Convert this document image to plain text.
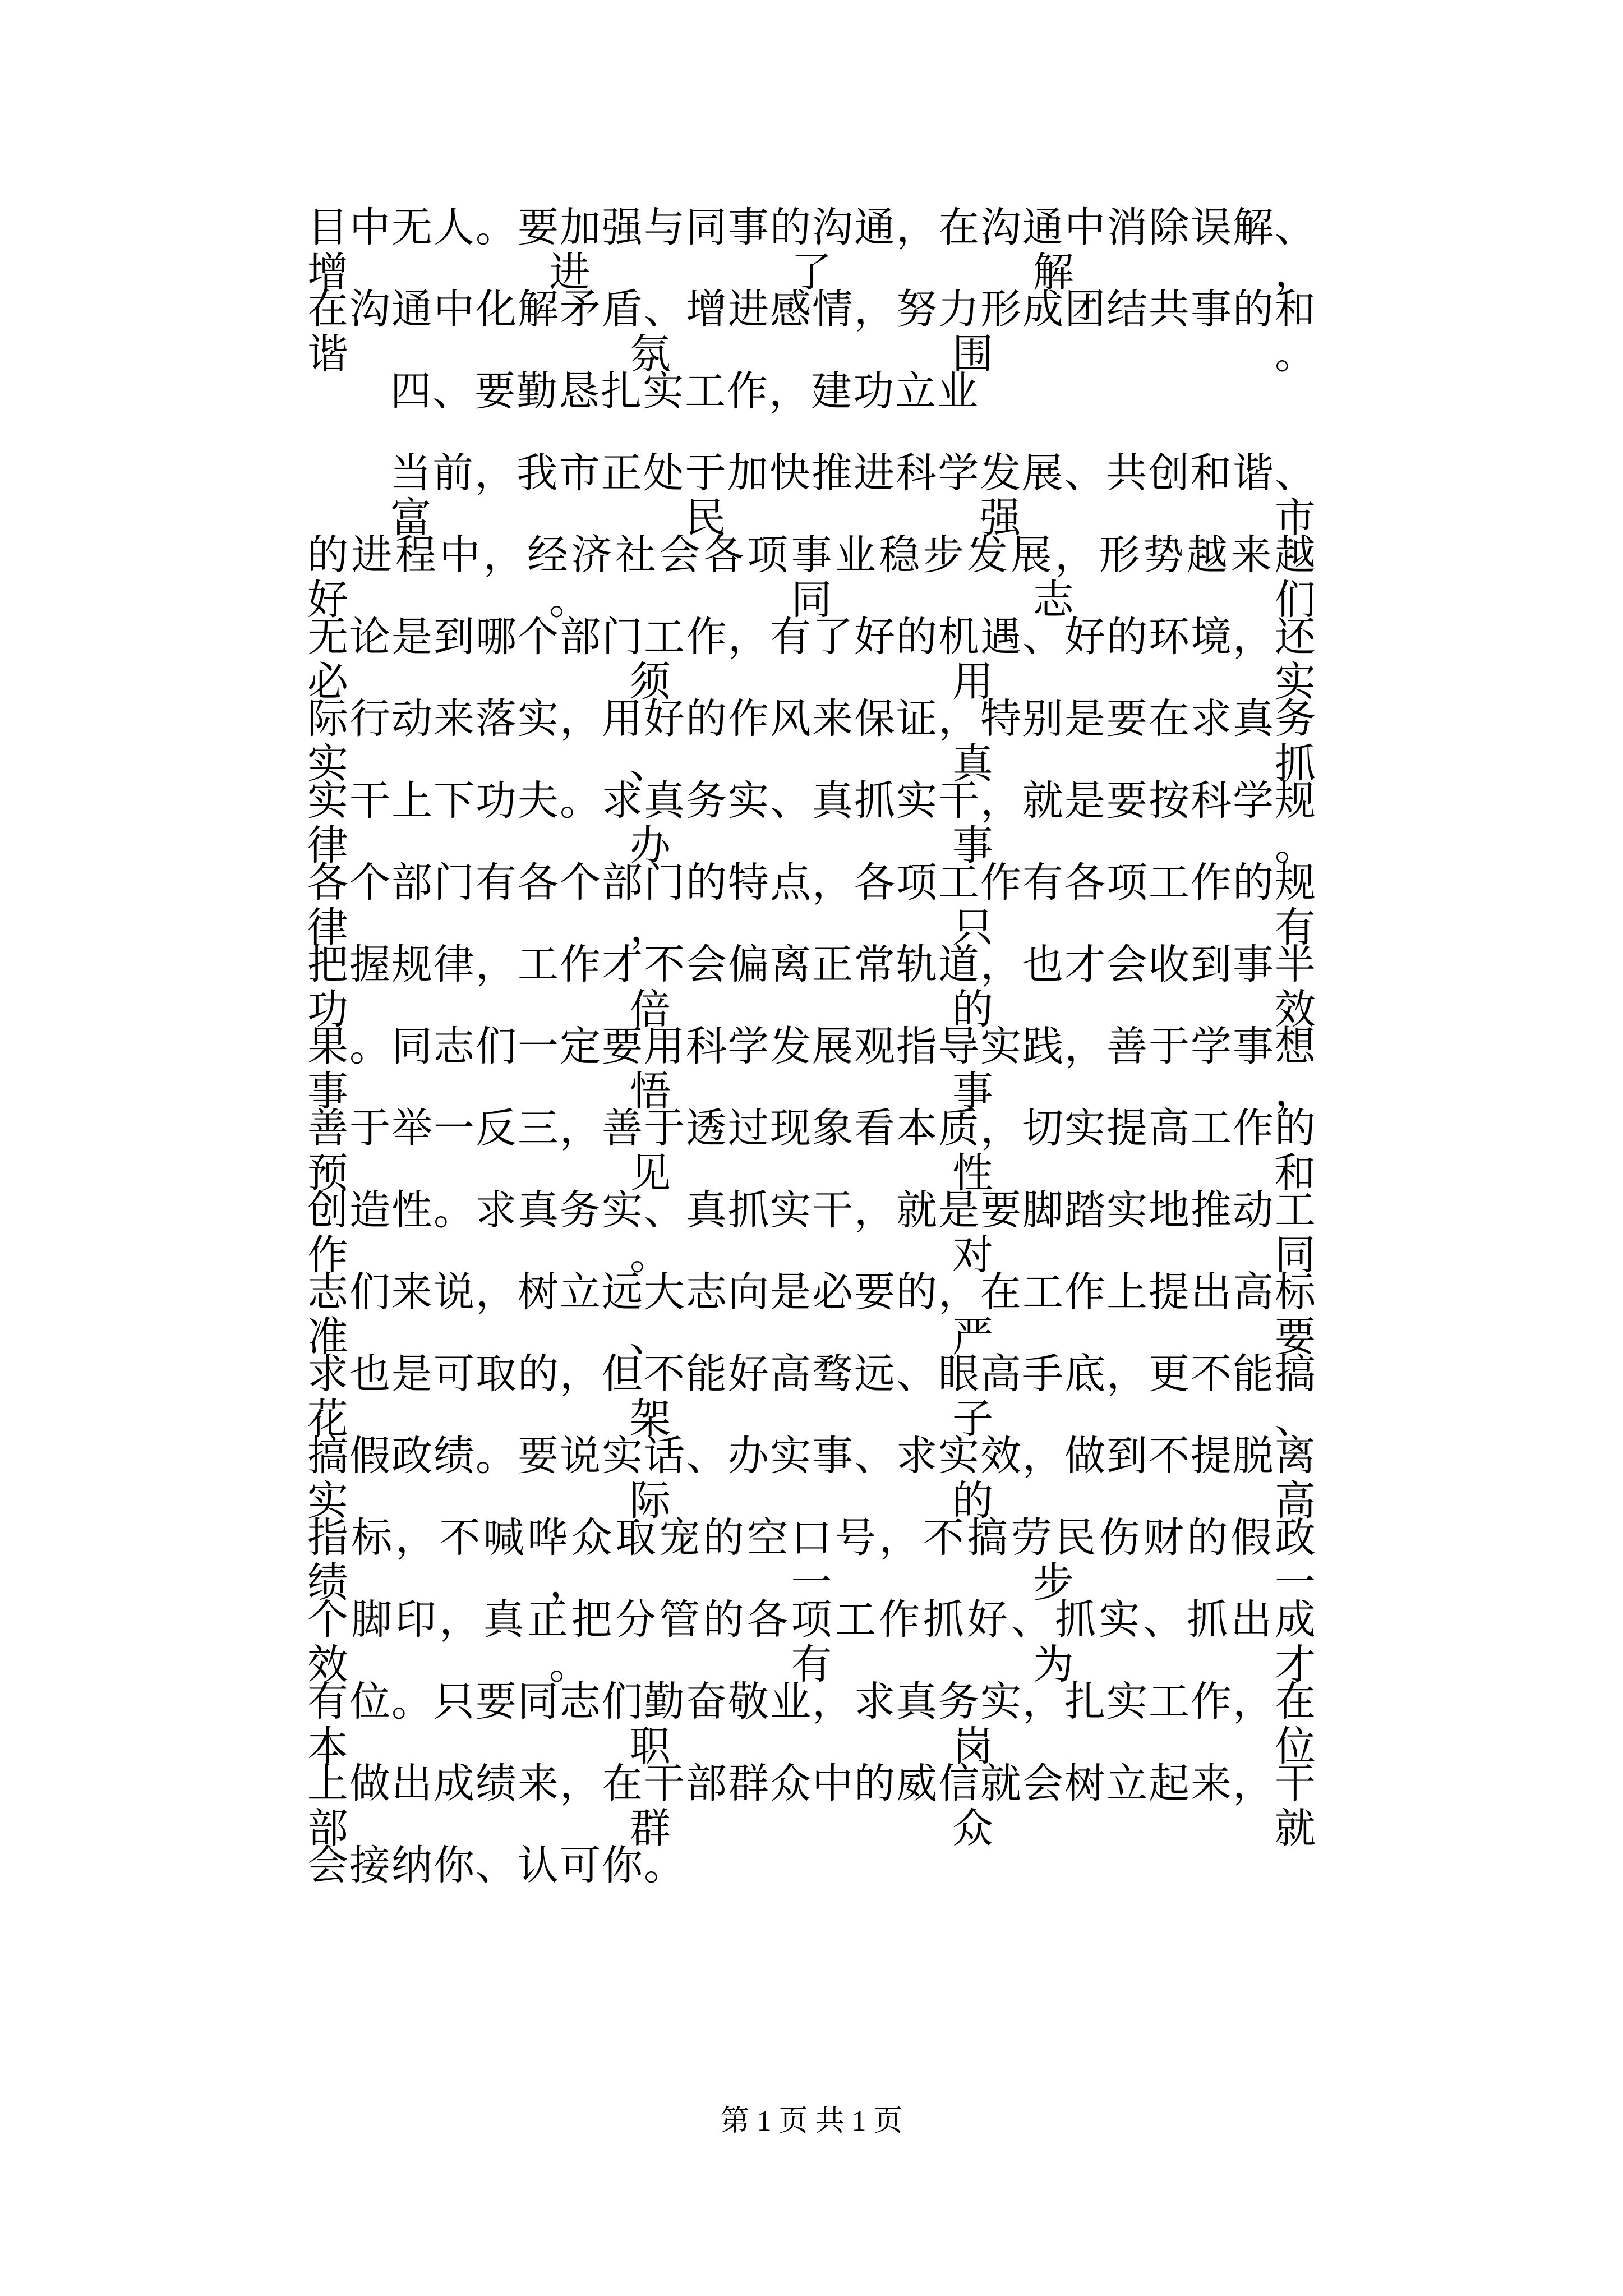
目中无人。要加强与同事的沟通，在沟通中消除误解、增进了解，
在沟通中化解矛盾、增进感情，努力形成团结共事的和谐氛围。
四、要勤恳扎实工作，建功立业
当前，我市正处于加快推进科学发展、共创和谐、富民强市
的进程中，经济社会各项事业稳步发展，形势越来越好。同志们
无论是到哪个部门工作，有了好的机遇、好的环境，还必须用实
际行动来落实，用好的作风来保证，特别是要在求真务实、真抓
实干上下功夫。求真务实、真抓实干，就是要按科学规律办事。
各个部门有各个部门的特点，各项工作有各项工作的规律，只有
把握规律，工作才不会偏离正常轨道，也才会收到事半功倍的效
果。同志们一定要用科学发展观指导实践，善于学事想事悟事，
善于举一反三，善于透过现象看本质，切实提高工作的预见性和
创造性。求真务实、真抓实干，就是要脚踏实地推动工作。对同
志们来说，树立远大志向是必要的，在工作上提出高标准、严要
求也是可取的，但不能好高骛远、眼高手底，更不能搞花架子、
搞假政绩。要说实话、办实事、求实效，做到不提脱离实际的高
指标，不喊哗众取宠的空口号，不搞劳民伤财的假政绩，一步一
个脚印，真正把分管的各项工作抓好、抓实、抓出成效。有为才
有位。只要同志们勤奋敬业，求真务实，扎实工作，在本职岗位
上做出成绩来，在干部群众中的威信就会树立起来，干部群众就
会接纳你、认可你。
第 1 页 共 1 页
